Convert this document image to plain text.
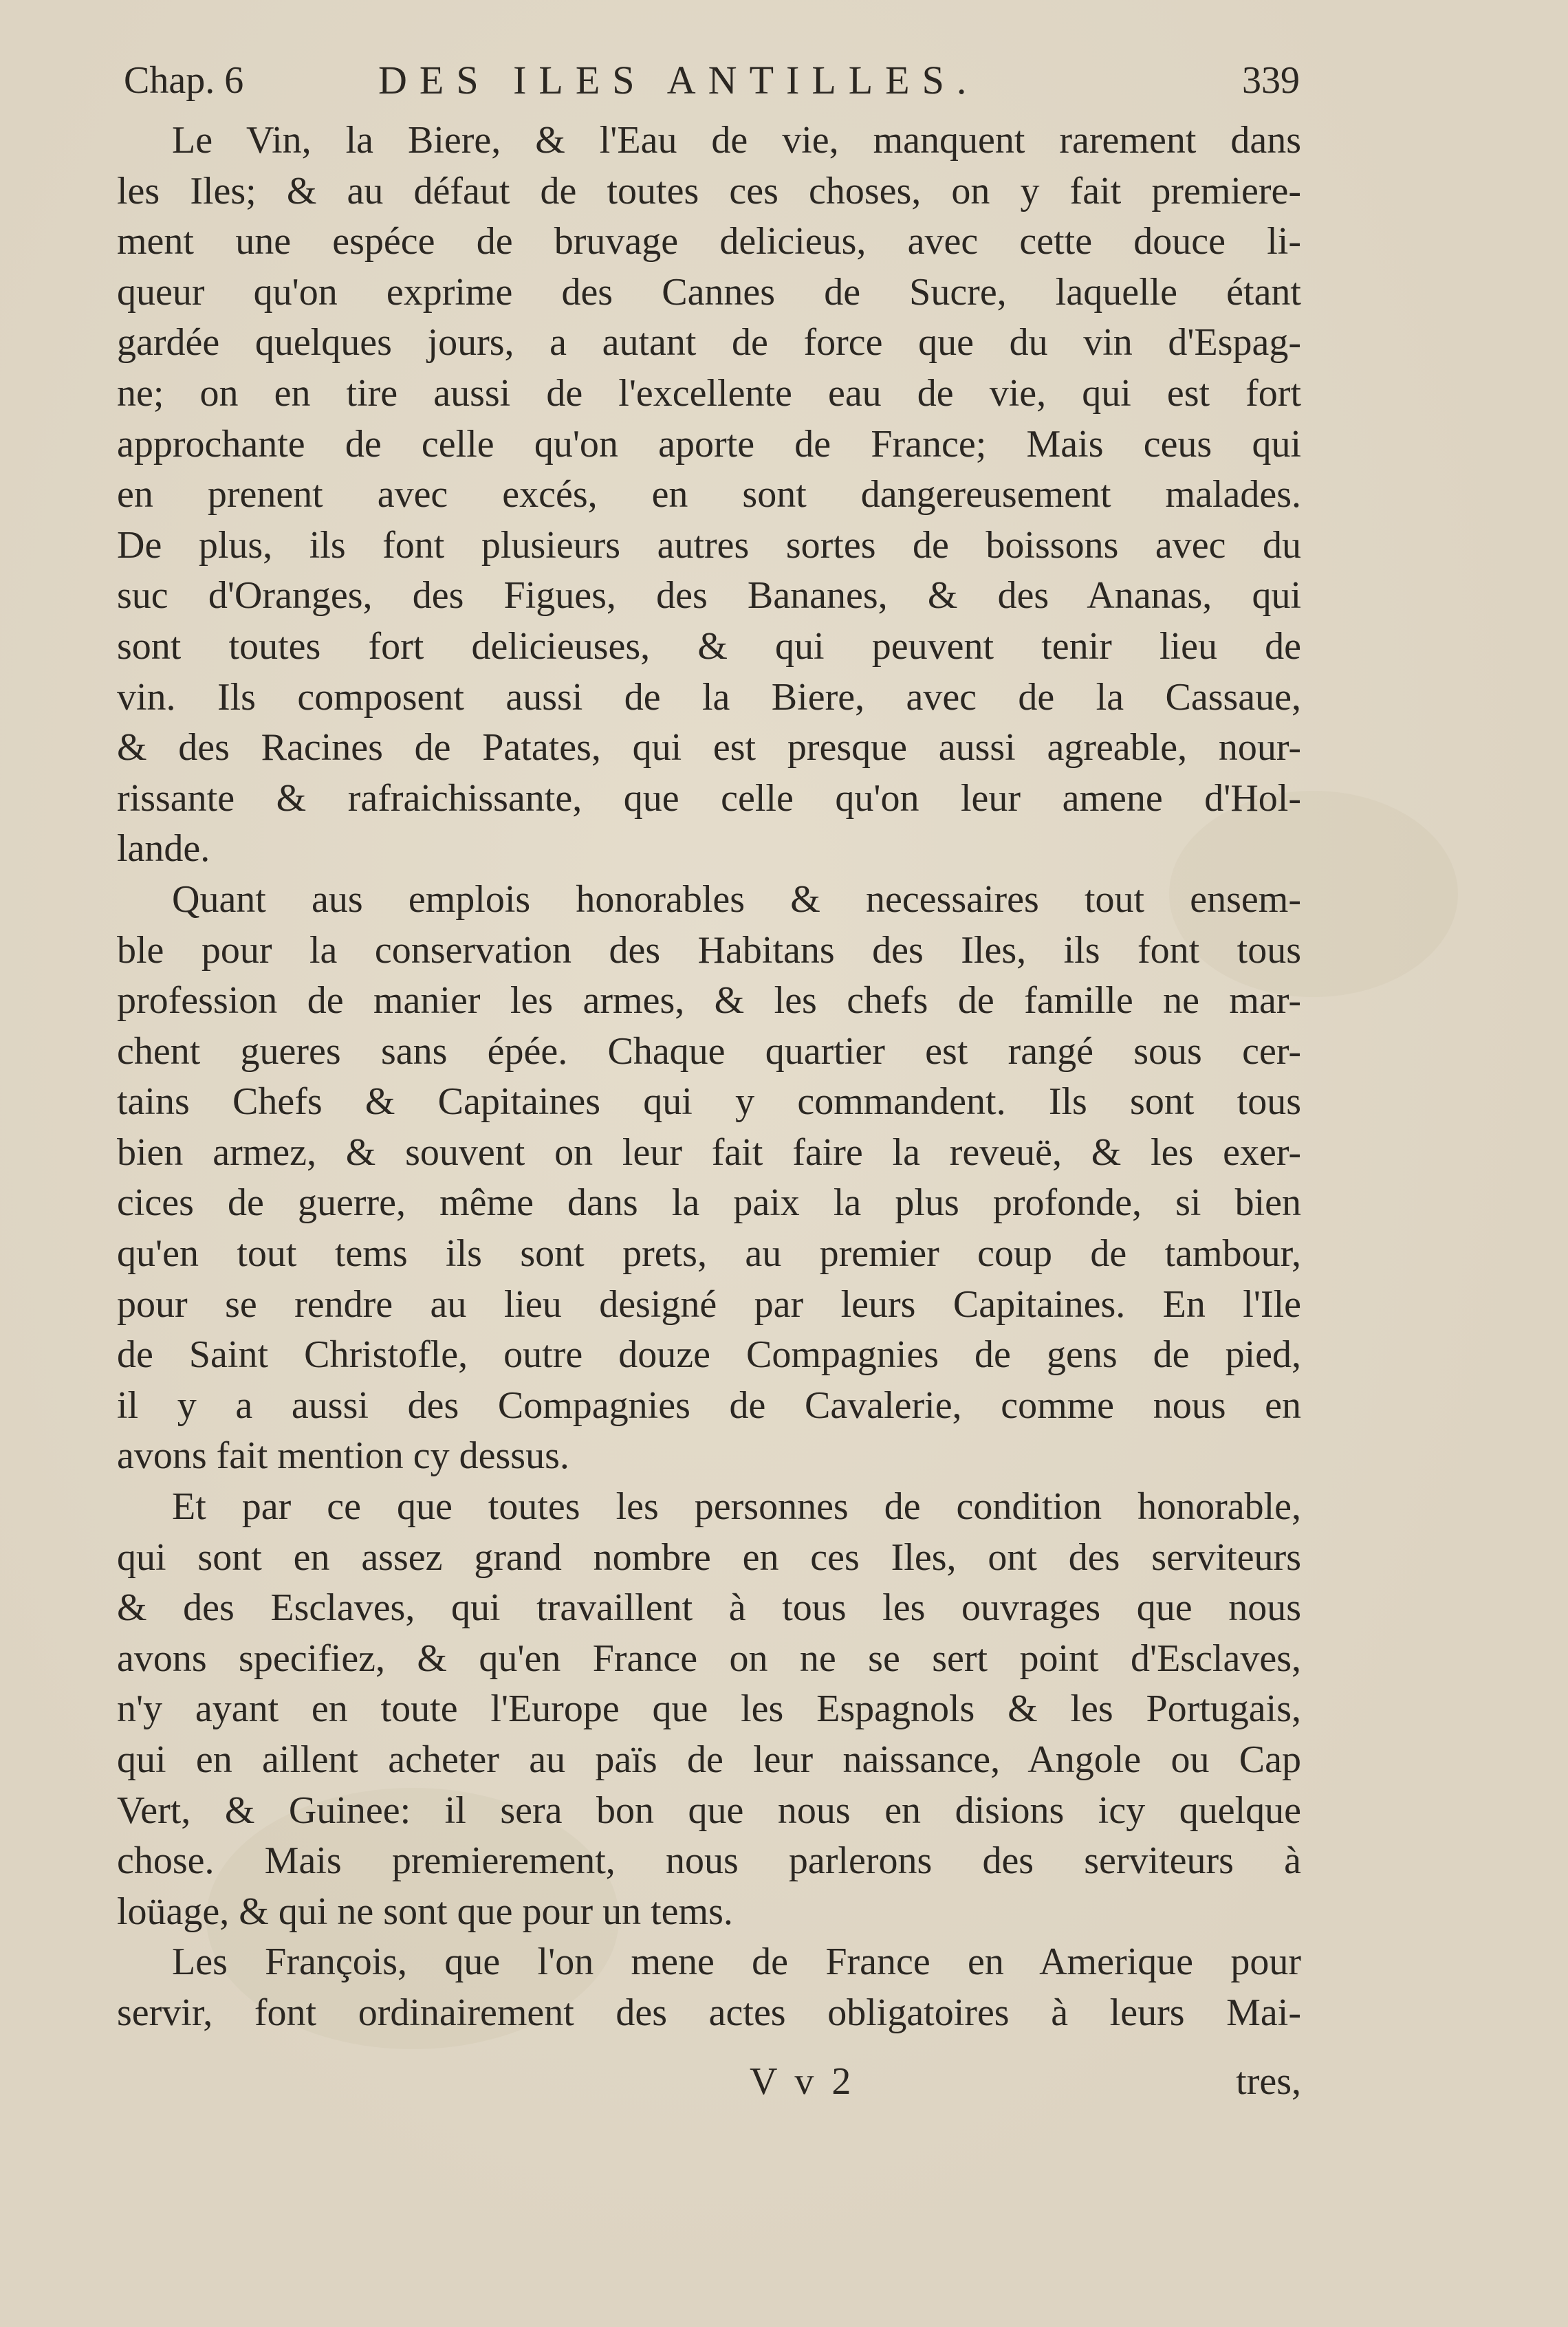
Chap. 6	DES ILES ANTILLES.	339
Le Vin, la Biere, & l'Eau de vie, manquent rarement dans
les Iles; & au défaut de toutes ces choses, on y fait premiere-
ment une espéce de bruvage delicieus, avec cette douce li-
queur qu'on exprime des Cannes de Sucre, laquelle étant
gardée quelques jours, a autant de force que du vin d'Espag-
ne; on en tire aussi de l'excellente eau de vie, qui est fort
approchante de celle qu'on aporte de France; Mais ceus qui
en prenent avec excés, en sont dangereusement malades.
De plus, ils font plusieurs autres sortes de boissons avec du
suc d'Oranges, des Figues, des Bananes, & des Ananas, qui
sont toutes fort delicieuses, & qui peuvent tenir lieu de
vin. Ils composent aussi de la Biere, avec de la Cassaue,
& des Racines de Patates, qui est presque aussi agreable, nour-
rissante & rafraichissante, que celle qu'on leur amene d'Hol-
lande.
Quant aus emplois honorables & necessaires tout ensem-
ble pour la conservation des Habitans des Iles, ils font tous
profession de manier les armes, & les chefs de famille ne mar-
chent gueres sans épée. Chaque quartier est rangé sous cer-
tains Chefs & Capitaines qui y commandent. Ils sont tous
bien armez, & souvent on leur fait faire la reveuë, & les exer-
cices de guerre, même dans la paix la plus profonde, si bien
qu'en tout tems ils sont prets, au premier coup de tambour,
pour se rendre au lieu designé par leurs Capitaines. En l'Ile
de Saint Christofle, outre douze Compagnies de gens de pied,
il y a aussi des Compagnies de Cavalerie, comme nous en
avons fait mention cy dessus.
Et par ce que toutes les personnes de condition honorable,
qui sont en assez grand nombre en ces Iles, ont des serviteurs
& des Esclaves, qui travaillent à tous les ouvrages que nous
avons specifiez, & qu'en France on ne se sert point d'Esclaves,
n'y ayant en toute l'Europe que les Espagnols & les Portugais,
qui en aillent acheter au païs de leur naissance, Angole ou Cap
Vert, & Guinee: il sera bon que nous en disions icy quelque
chose. Mais premierement, nous parlerons des serviteurs à
loüage, & qui ne sont que pour un tems.
Les François, que l'on mene de France en Amerique pour
servir, font ordinairement des actes obligatoires à leurs Mai-
V v 2	tres,
